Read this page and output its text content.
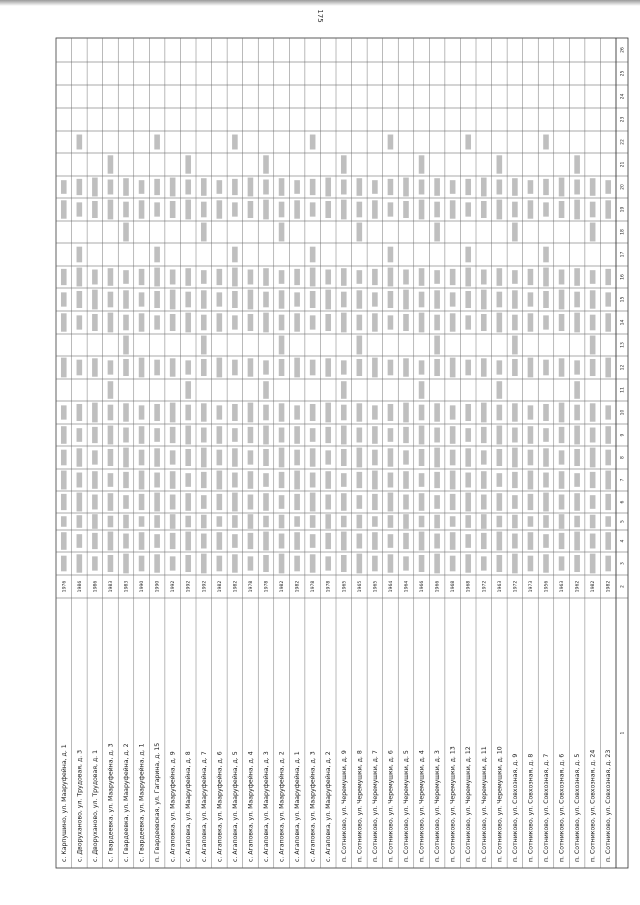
175
1
2
3
4
5
6
7
8
9
10
11
12
13
14
15
16
17
18
19
20
21
22
23
24
25
26
п. Сотниково, ул. Совхозная, д. 23
1982
п. Сотниково, ул. Совхозная, д. 24
1982
п. Сотниково, ул. Совхозная, д. 5
1962
п. Сотниково, ул. Совхозная, д. 6
1963
п. Сотниково, ул. Совхозная, д. 7
1956
п. Сотниково, ул. Совхозная, д. 8
1973
п. Сотниково, ул. Совхозная, д. 9
1972
п. Сотниково, ул. Черемушки, д. 10
1963
п. Сотниково, ул. Черемушки, д. 11
1972
п. Сотниково, ул. Черемушки, д. 12
1968
п. Сотниково, ул. Черемушки, д. 13
1968
п. Сотниково, ул. Черемушки, д. 3
1966
п. Сотниково, ул. Черемушки, д. 4
1966
п. Сотниково, ул. Черемушки, д. 5
1964
п. Сотниково, ул. Черемушки, д. 6
1964
п. Сотниково, ул. Черемушки, д. 7
1965
п. Сотниково, ул. Черемушки, д. 8
1965
п. Сотниково, ул. Черемушки, д. 9
1965
с. Агаповка, ул. Мааруфейна, д. 2
1978
с. Агаповка, ул. Мааруфейна, д. 3
1978
с. Агаповка, ул. Мааруфейна, д. 1
1982
с. Агаповка, ул. Мааруфейна, д. 2
1982
с. Агаповка, ул. Мааруфейна, д. 3
1978
с. Агаповка, ул. Мааруфейна, д. 4
1978
с. Агаповка, ул. Мааруфейна, д. 5
1982
с. Агаповка, ул. Мааруфейна, д. 6
1982
с. Агаповка, ул. Мааруфейна, д. 7
1992
с. Агаповка, ул. Мааруфейна, д. 8
1992
с. Агаповка, ул. Мааруфейна, д. 9
1992
п. Гвардеевская, ул. Гагарина, д. 15
1990
с. Гвардеевка, ул. Мааруфейна, д. 1
1990
с. Гвардеевка, ул. Мааруфейна, д. 2
1983
с. Гвардеевка, ул. Мааруфейна, д. 3
1983
с. Дворуханово, ул. Трудовая, д. 1
1986
с. Дворуханово, ул. Трудовая, д. 3
1986
с. Карпушино, ул. Мааруфейна, д. 1
1976
